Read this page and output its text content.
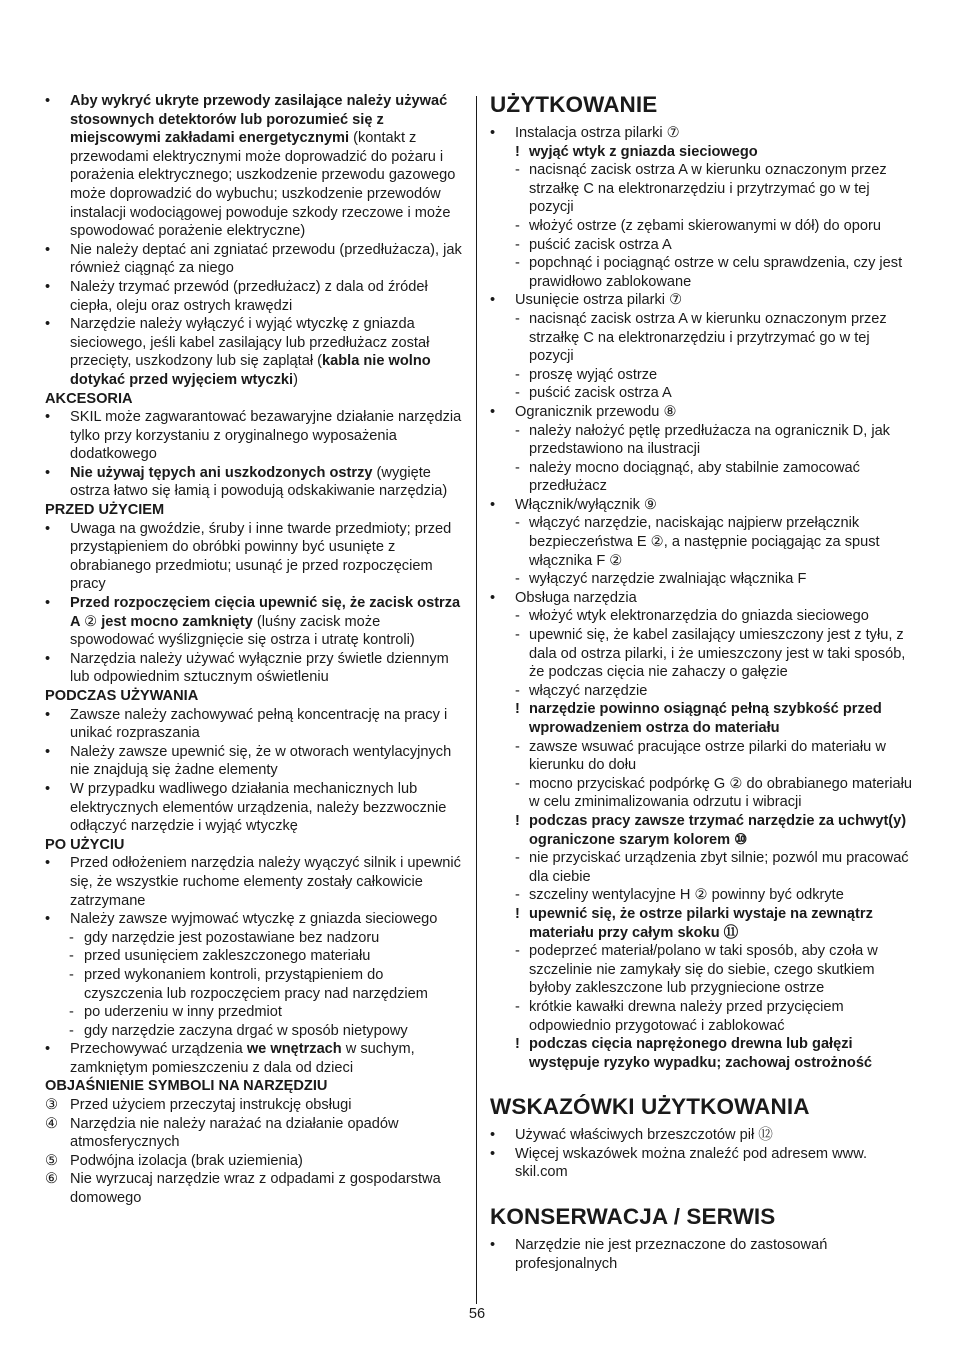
•	Aby wykryć ukryte przewody zasilające należy używać stosownych detektorów lub porozumieć się z miejscowymi zakładami energetycznymi (kontakt z przewodami elektrycznymi może doprowadzić do pożaru i porażenia elektrycznego; uszkodzenie przewodu gazowego może doprowadzić do wybuchu; uszkodzenie przewodów instalacji wodociągowej powoduje szkody rzeczowe i może spowodować porażenie elektryczne)
•	Nie należy deptać ani zgniatać przewodu (przedłużacza), jak również ciągnąć za niego
•	Należy trzymać przewód (przedłużacz) z dala od źródeł ciepła, oleju oraz ostrych krawędzi
•	Narzędzie należy wyłączyć i wyjąć wtyczkę z gniazda sieciowego, jeśli kabel zasilający lub przedłużacz został przecięty, uszkodzony lub się zaplątał (kabla nie wolno dotykać przed wyjęciem wtyczki)
AKCESORIA
•	SKIL może zagwarantować bezawaryjne działanie narzędzia tylko przy korzystaniu z oryginalnego wyposażenia dodatkowego
•	Nie używaj tępych ani uszkodzonych ostrzy (wygięte ostrza łatwo się łamią i powodują odskakiwanie narzędzia)
PRZED UŻYCIEM
•	Uwaga na gwoździe, śruby i inne twarde przedmioty; przed przystąpieniem do obróbki powinny być usunięte z obrabianego przedmiotu; usunąć je przed rozpoczęciem pracy
•	Przed rozpoczęciem cięcia upewnić się, że zacisk ostrza A ② jest mocno zamknięty (luśny zacisk może spowodować wyślizgnięcie się ostrza i utratę kontroli)
•	Narzędzia należy używać wyłącznie przy świetle dziennym lub odpowiednim sztucznym oświetleniu
PODCZAS UŻYWANIA
•	Zawsze należy zachowywać pełną koncentrację na pracy i unikać rozpraszania
•	Należy zawsze upewnić się, że w otworach wentylacyjnych nie znajdują się żadne elementy
•	W przypadku wadliwego działania mechanicznych lub elektrycznych elementów urządzenia, należy bezzwocznie odłączyć narzędzie i wyjąć wtyczkę
PO UŻYCIU
•	Przed odłożeniem narzędzia należy wyączyć silnik i upewnić się, że wszystkie ruchome elementy zostały całkowicie zatrzymane
•	Należy zawsze wyjmować wtyczkę z gniazda sieciowego
- gdy narzędzie jest pozostawiane bez nadzoru
- przed usunięciem zakleszczonego materiału
- przed wykonaniem kontroli, przystąpieniem do czyszczenia lub rozpoczęciem pracy nad narzędziem
- po uderzeniu w inny przedmiot
- gdy narzędzie zaczyna drgać w sposób nietypowy
•	Przechowywać urządzenia we wnętrzach w suchym, zamkniętym pomieszczeniu z dala od dzieci
OBJAŚNIENIE SYMBOLI NA NARZĘDZIU
③ Przed użyciem przeczytaj instrukcję obsługi
④ Narzędzia nie należy narażać na działanie opadów atmosferycznych
⑤ Podwójna izolacja (brak uziemienia)
⑥ Nie wyrzucaj narzędzie wraz z odpadami z gospodarstwa domowego
UŻYTKOWANIE
•	Instalacja ostrza pilarki ⑦
! wyjąć wtyk z gniazda sieciowego
- nacisnąć zacisk ostrza A w kierunku oznaczonym przez strzałkę C na elektronarzędziu i przytrzymać go w tej pozycji
- włożyć ostrze (z zębami skierowanymi w dół) do oporu
- puścić zacisk ostrza A
- popchnąć i pociągnąć ostrze w celu sprawdzenia, czy jest prawidłowo zablokowane
•	Usunięcie ostrza pilarki ⑦
- nacisnąć zacisk ostrza A w kierunku oznaczonym przez strzałkę C na elektronarzędziu i przytrzymać go w tej pozycji
- proszę wyjąć ostrze
- puścić zacisk ostrza A
•	Ogranicznik przewodu ⑧
- należy nałożyć pętlę przedłużacza na ogranicznik D, jak przedstawiono na ilustracji
- należy mocno dociągnąć, aby stabilnie zamocować przedłużacz
•	Włącznik/wyłącznik ⑨
- włączyć narzędzie, naciskając najpierw przełącznik bezpieczeństwa E ②, a następnie pociągając za spust włącznika F ②
- wyłączyć narzędzie zwalniając włącznika F
•	Obsługa narzędzia
- włożyć wtyk elektronarzędzia do gniazda sieciowego
- upewnić się, że kabel zasilający umieszczony jest z tyłu, z dala od ostrza pilarki, i że umieszczony jest w taki sposób, że podczas cięcia nie zahaczy o gałęzie
- włączyć narzędzie
! narzędzie powinno osiągnąć pełną szybkość przed wprowadzeniem ostrza do materiału
- zawsze wsuwać pracujące ostrze pilarki do materiału w kierunku do dołu
- mocno przyciskać podpórkę G ② do obrabianego materiału w celu zminimalizowania odrzutu i wibracji
! podczas pracy zawsze trzymać narzędzie za uchwyt(y) ograniczone szarym kolorem ⑩
- nie przyciskać urządzenia zbyt silnie; pozwól mu pracować dla ciebie
- szczeliny wentylacyjne H ② powinny być odkryte
! upewnić się, że ostrze pilarki wystaje na zewnątrz materiału przy całym skoku ⑪
- podeprzeć materiał/polano w taki sposób, aby czoła w szczelinie nie zamykały się do siebie, czego skutkiem byłoby zakleszczone lub przygniecione ostrze
- krótkie kawałki drewna należy przed przycięciem odpowiednio przygotować i zablokować
! podczas cięcia naprężonego drewna lub gałęzi występuje ryzyko wypadku; zachowaj ostrożność
WSKAZÓWKI UŻYTKOWANIA
•	Używać właściwych brzeszczotów pił ⑫
•	Więcej wskazówek można znaleźć pod adresem www. skil.com
KONSERWACJA / SERWIS
•	Narzędzie nie jest przeznaczone do zastosowań profesjonalnych
56
